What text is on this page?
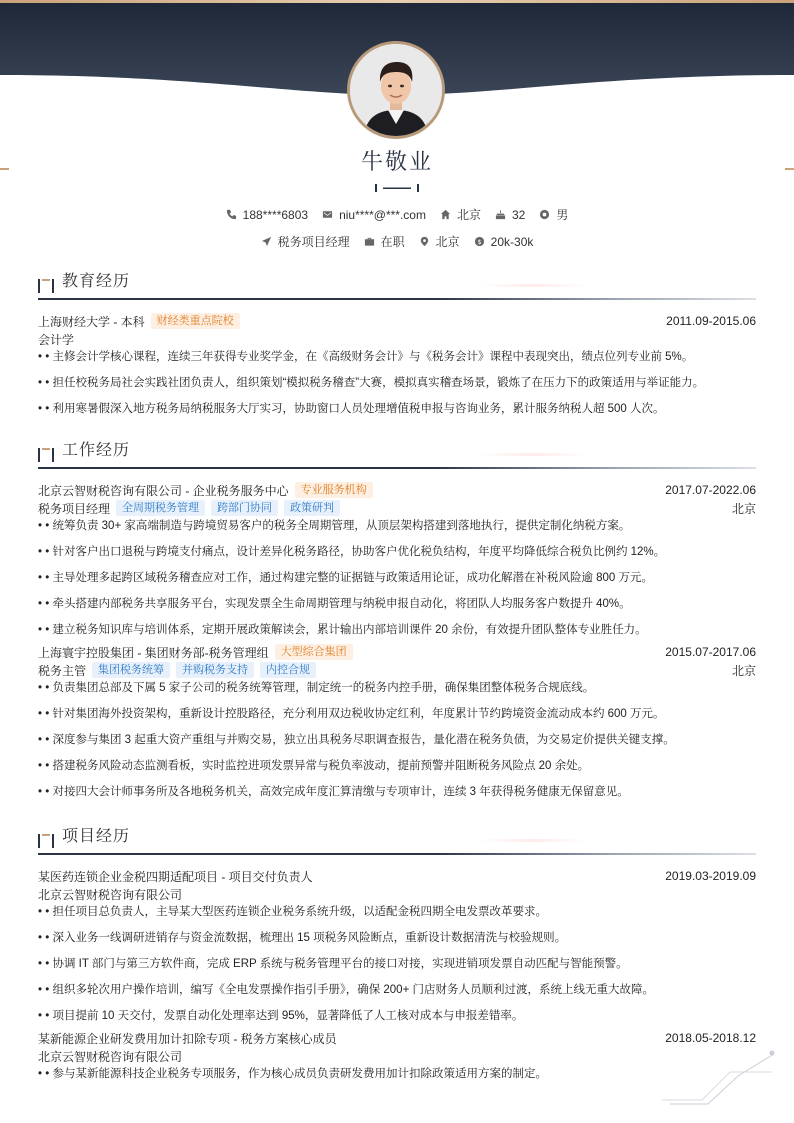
牛敬业
188****6803	niu****@***.com	北京	32	男
税务项目经理	在职	北京 $ 20k-30k
教育经历
上海财经大学 - 本科	财经类重点院校	2011.09-2015.06
会计学
• • 主修会计学核心课程，连续三年获得专业奖学金，在《高级财务会计》与《税务会计》课程中表现突出，绩点位列专业前 5%。
• • 担任校税务局社会实践社团负责人，组织策划“模拟税务稽查”大赛，模拟真实稽查场景，锻炼了在压力下的政策适用与举证能力。
• • 利用寒暑假深入地方税务局纳税服务大厅实习，协助窗口人员处理增值税申报与咨询业务，累计服务纳税人超 500 人次。
工作经历
北京云智财税咨询有限公司 - 企业税务服务中心	专业服务机构	2017.07-2022.06
税务项目经理	全周期税务管理	跨部门协同	政策研判	北京
• • 统筹负责 30+ 家高端制造与跨境贸易客户的税务全周期管理，从顶层架构搭建到落地执行，提供定制化纳税方案。
• • 针对客户出口退税与跨境支付痛点，设计差异化税务路径，协助客户优化税负结构，年度平均降低综合税负比例约 12%。
• • 主导处理多起跨区域税务稽查应对工作，通过构建完整的证据链与政策适用论证，成功化解潜在补税风险逾 800 万元。
• • 牵头搭建内部税务共享服务平台，实现发票全生命周期管理与纳税申报自动化，将团队人均服务客户数提升 40%。
• • 建立税务知识库与培训体系，定期开展政策解读会，累计输出内部培训课件 20 余份，有效提升团队整体专业胜任力。
上海寰宇控股集团 - 集团财务部-税务管理组	大型综合集团	2015.07-2017.06
税务主管	集团税务统筹	并购税务支持	内控合规	北京
• • 负责集团总部及下属 5 家子公司的税务统筹管理，制定统一的税务内控手册，确保集团整体税务合规底线。
• • 针对集团海外投资架构，重新设计控股路径，充分利用双边税收协定红利，年度累计节约跨境资金流动成本约 600 万元。
• • 深度参与集团 3 起重大资产重组与并购交易，独立出具税务尽职调查报告，量化潜在税务负债，为交易定价提供关键支撑。
• • 搭建税务风险动态监测看板，实时监控进项发票异常与税负率波动，提前预警并阻断税务风险点 20 余处。
• • 对接四大会计师事务所及各地税务机关，高效完成年度汇算清缴与专项审计，连续 3 年获得税务健康无保留意见。
项目经历
某医药连锁企业金税四期适配项目 - 项目交付负责人	2019.03-2019.09
北京云智财税咨询有限公司
• • 担任项目总负责人，主导某大型医药连锁企业税务系统升级，以适配金税四期全电发票改革要求。
• • 深入业务一线调研进销存与资金流数据，梳理出 15 项税务风险断点，重新设计数据清洗与校验规则。
• • 协调 IT 部门与第三方软件商，完成 ERP 系统与税务管理平台的接口对接，实现进销项发票自动匹配与智能预警。
• • 组织多轮次用户操作培训，编写《全电发票操作指引手册》，确保 200+ 门店财务人员顺利过渡，系统上线无重大故障。
• • 项目提前 10 天交付，发票自动化处理率达到 95%，显著降低了人工核对成本与申报差错率。
某新能源企业研发费用加计扣除专项 - 税务方案核心成员	2018.05-2018.12
北京云智财税咨询有限公司
• • 参与某新能源科技企业税务专项服务，作为核心成员负责研发费用加计扣除政策适用方案的制定。
